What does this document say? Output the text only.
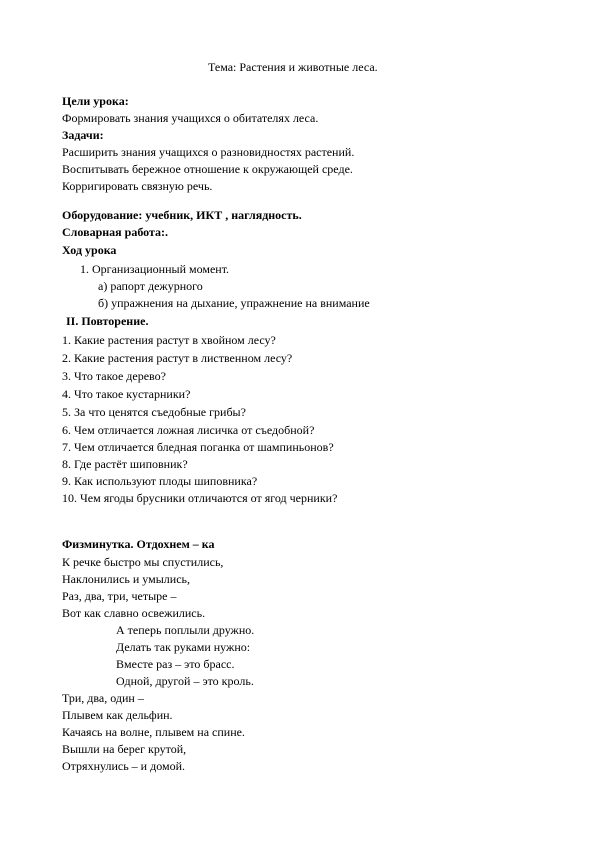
Тема: Растения и животные леса.
Цели урока:
Формировать знания учащихся о обитателях леса.
Задачи:
Расширить знания учащихся о разновидностях растений.
Воспитывать бережное отношение к окружающей среде.
Корригировать связную речь.
Оборудование: учебник, ИКТ , наглядность.
Словарная работа:.
Ход урока
1. Организационный момент.
а) рапорт дежурного
б) упражнения на дыхание, упражнение на внимание
II. Повторение.
1. Какие растения растут в хвойном лесу?
2. Какие растения растут в лиственном лесу?
3. Что такое дерево?
4. Что такое кустарники?
5. За что ценятся съедобные грибы?
6. Чем отличается ложная лисичка от съедобной?
7. Чем отличается бледная поганка от шампиньонов?
8. Где растёт шиповник?
9. Как используют плоды шиповника?
10. Чем ягоды брусники отличаются от ягод черники?
Физминутка. Отдохнем – ка
К речке быстро мы спустились,
Наклонились и умылись,
Раз, два, три, четыре –
Вот как славно освежились.
А теперь поплыли дружно.
Делать так руками нужно:
Вместе раз – это брасс.
Одной, другой – это кроль.
Три, два, один –
Плывем как дельфин.
Качаясь на волне, плывем на спине.
Вышли на берег крутой,
Отряхнулись – и домой.
